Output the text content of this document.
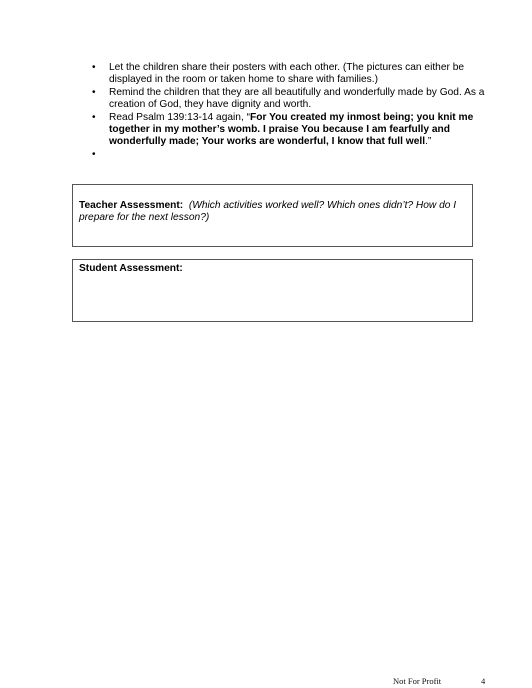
• Let the children share their posters with each other. (The pictures can either be displayed in the room or taken home to share with families.)
• Remind the children that they are all beautifully and wonderfully made by God. As a creation of God, they have dignity and worth.
• Read Psalm 139:13-14 again, “For You created my inmost being; you knit me together in my mother’s womb. I praise You because I am fearfully and wonderfully made; Your works are wonderful, I know that full well.”
•
Teacher Assessment: (Which activities worked well? Which ones didn’t? How do I prepare for the next lesson?)
Student Assessment:
Not For Profit	4
